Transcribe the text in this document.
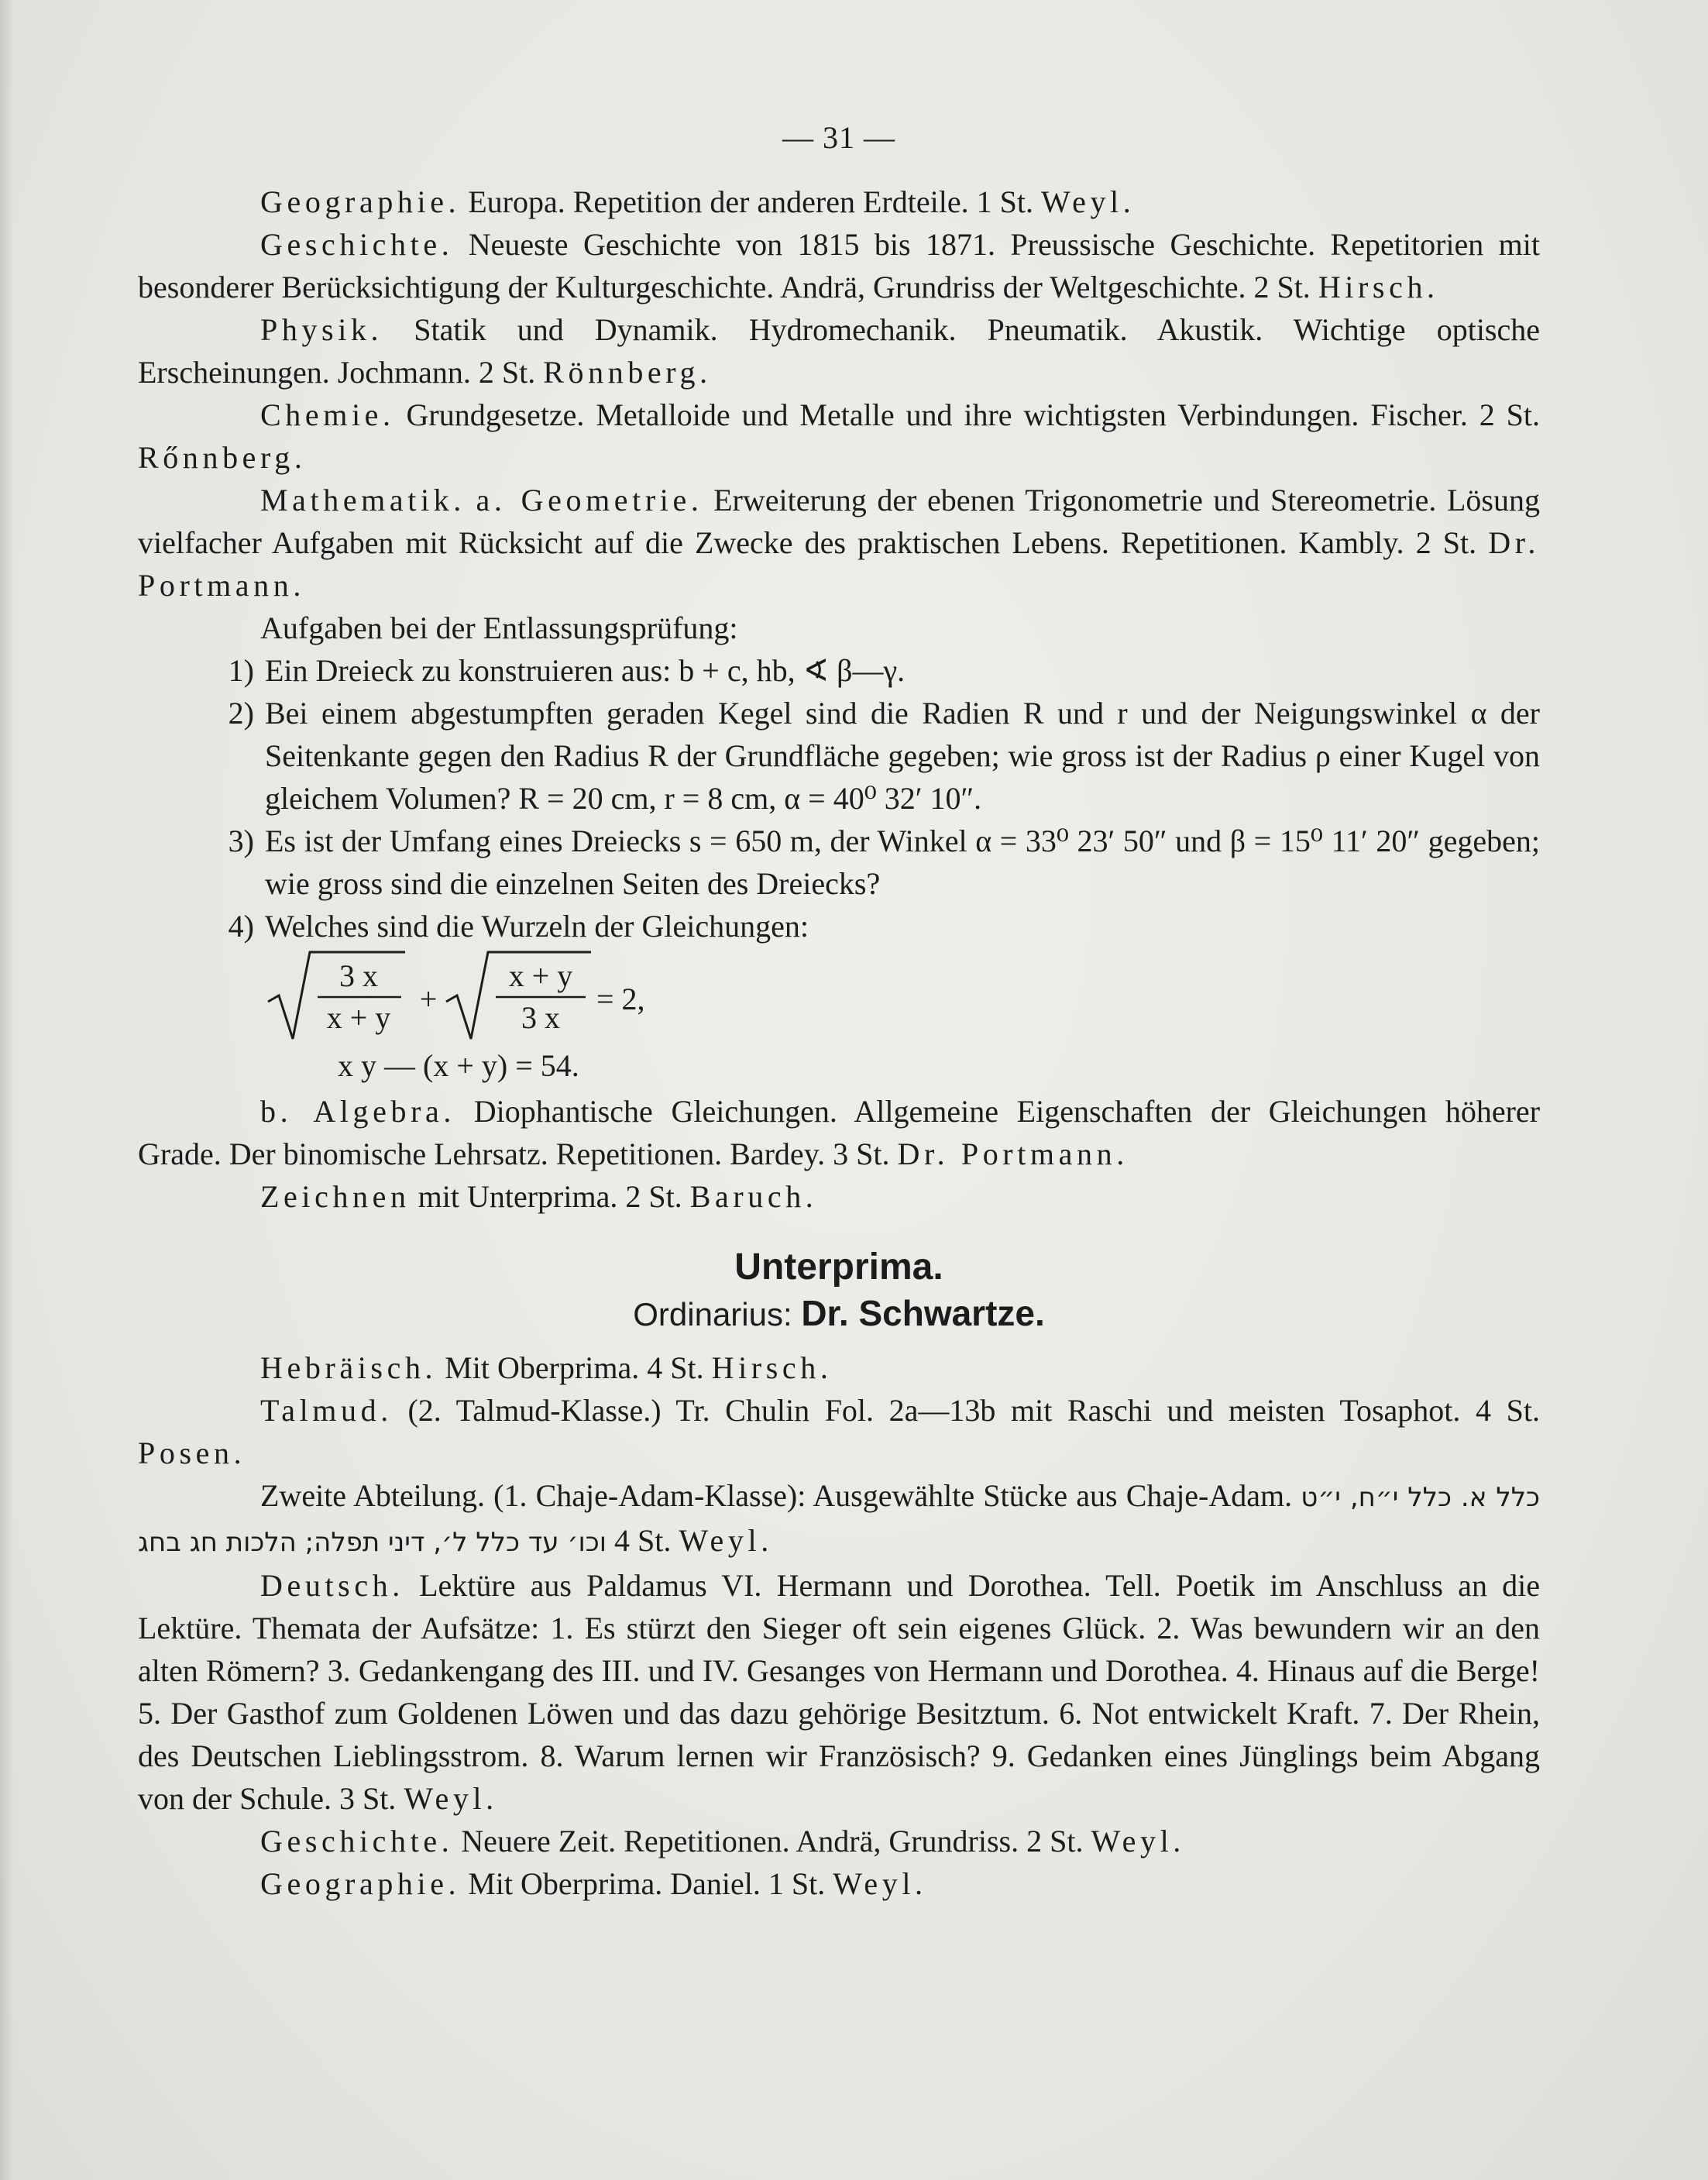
— 31 —

Geographie. Europa. Repetition der anderen Erdteile. 1 St. Weyl.

Geschichte. Neueste Geschichte von 1815 bis 1871. Preussische Geschichte. Repetitorien mit besonderer Berücksichtigung der Kulturgeschichte. Andrä, Grundriss der Weltgeschichte. 2 St. Hirsch.

Physik. Statik und Dynamik. Hydromechanik. Pneumatik. Akustik. Wichtige optische Erscheinungen. Jochmann. 2 St. Rönnberg.

Chemie. Grundgesetze. Metalloide und Metalle und ihre wichtigsten Verbindungen. Fischer. 2 St. Rőnnberg.

Mathematik. a. Geometrie. Erweiterung der ebenen Trigonometrie und Stereometrie. Lösung vielfacher Aufgaben mit Rücksicht auf die Zwecke des praktischen Lebens. Repetitionen. Kambly. 2 St. Dr. Portmann.

Aufgaben bei der Entlassungsprüfung:

1) Ein Dreieck zu konstruieren aus: b + c, hb, ∢ β—γ.
2) Bei einem abgestumpften geraden Kegel sind die Radien R und r und der Neigungswinkel α der Seitenkante gegen den Radius R der Grundfläche gegeben; wie gross ist der Radius ρ einer Kugel von gleichem Volumen? R = 20 cm, r = 8 cm, α = 40⁰ 32′ 10″.
3) Es ist der Umfang eines Dreiecks s = 650 m, der Winkel α = 33⁰ 23′ 50″ und β = 15⁰ 11′ 20″ gegeben; wie gross sind die einzelnen Seiten des Dreiecks?
4) Welches sind die Wurzeln der Gleichungen:
3 x
x + y
+
x + y
3 x
= 2,
x y — (x + y) = 54.

b. Algebra. Diophantische Gleichungen. Allgemeine Eigenschaften der Gleichungen höherer Grade. Der binomische Lehrsatz. Repetitionen. Bardey. 3 St. Dr. Portmann.

Zeichnen mit Unterprima. 2 St. Baruch.

Unterprima.
Ordinarius: Dr. Schwartze.

Hebräisch. Mit Oberprima. 4 St. Hirsch.

Talmud. (2. Talmud-Klasse.) Tr. Chulin Fol. 2a—13b mit Raschi und meisten Tosaphot. 4 St. Posen.

Zweite Abteilung. (1. Chaje-Adam-Klasse): Ausgewählte Stücke aus Chaje-Adam. כלל א. כלל י״ח, י״ט וכו׳ עד כלל ל׳, דיני תפלה; הלכות חג בחג 4 St. Weyl.

Deutsch. Lektüre aus Paldamus VI. Hermann und Dorothea. Tell. Poetik im Anschluss an die Lektüre. Themata der Aufsätze: 1. Es stürzt den Sieger oft sein eigenes Glück. 2. Was bewundern wir an den alten Römern? 3. Gedankengang des III. und IV. Gesanges von Hermann und Dorothea. 4. Hinaus auf die Berge! 5. Der Gasthof zum Goldenen Löwen und das dazu gehörige Besitztum. 6. Not entwickelt Kraft. 7. Der Rhein, des Deutschen Lieblingsstrom. 8. Warum lernen wir Französisch? 9. Gedanken eines Jünglings beim Abgang von der Schule. 3 St. Weyl.

Geschichte. Neuere Zeit. Repetitionen. Andrä, Grundriss. 2 St. Weyl.

Geographie. Mit Oberprima. Daniel. 1 St. Weyl.
